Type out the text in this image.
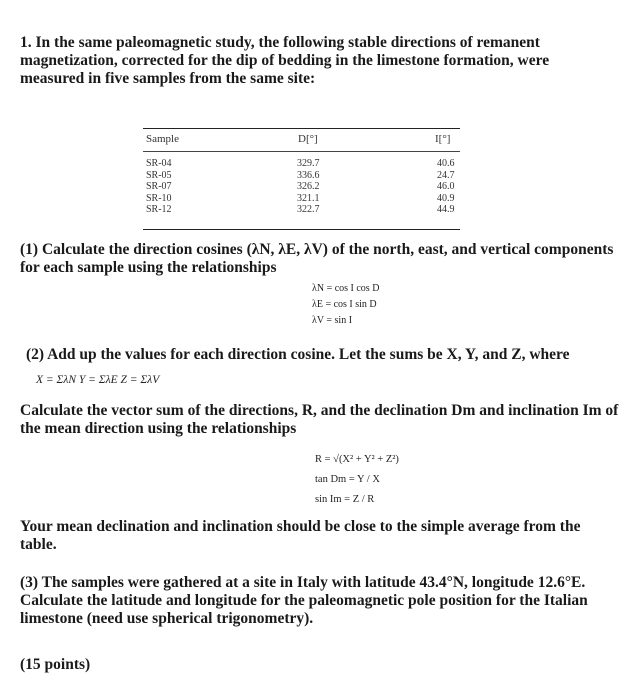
1. In the same paleomagnetic study, the following stable directions of remanent
magnetization, corrected for the dip of bedding in the limestone formation, were
measured in five samples from the same site:
Sample	D[°]	I[°]
SR-04
SR-05
SR-07
SR-10
SR-12
329.7
336.6
326.2
321.1
322.7
40.6
24.7
46.0
40.9
44.9
(1) Calculate the direction cosines (λN, λE, λV) of the north, east, and vertical components
for each sample using the relationships
λN = cos I cos D
λE = cos I sin D
λV = sin I
(2) Add up the values for each direction cosine. Let the sums be X, Y, and Z, where
X = ΣλN Y = ΣλE Z = ΣλV
Calculate the vector sum of the directions, R, and the declination Dm and inclination Im of
the mean direction using the relationships
R = √(X² + Y² + Z²)
tan Dm = Y / X
sin Im = Z / R
Your mean declination and inclination should be close to the simple average from the
table.
(3) The samples were gathered at a site in Italy with latitude 43.4°N, longitude 12.6°E.
Calculate the latitude and longitude for the paleomagnetic pole position for the Italian
limestone (need use spherical trigonometry).
(15 points)
